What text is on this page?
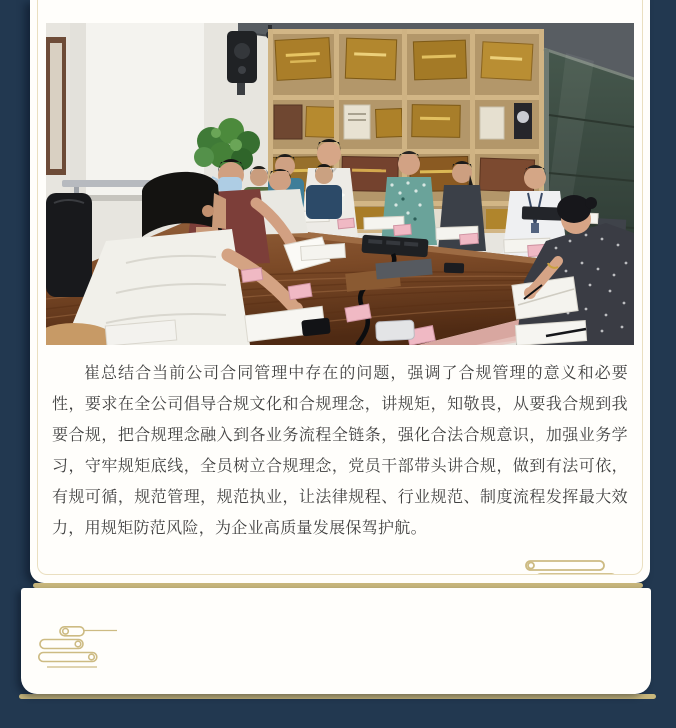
崔总结合当前公司合同管理中存在的问题，强调了合规管理的意义和必要性，要求在全公司倡导合规文化和合规理念，讲规矩，知敬畏，从要我合规到我要合规，把合规理念融入到各业务流程全链条，强化合法合规意识，加强业务学习，守牢规矩底线，全员树立合规理念，党员干部带头讲合规，做到有法可依，有规可循，规范管理，规范执业，让法律规程、行业规范、制度流程发挥最大效力，用规矩防范风险，为企业高质量发展保驾护航。
